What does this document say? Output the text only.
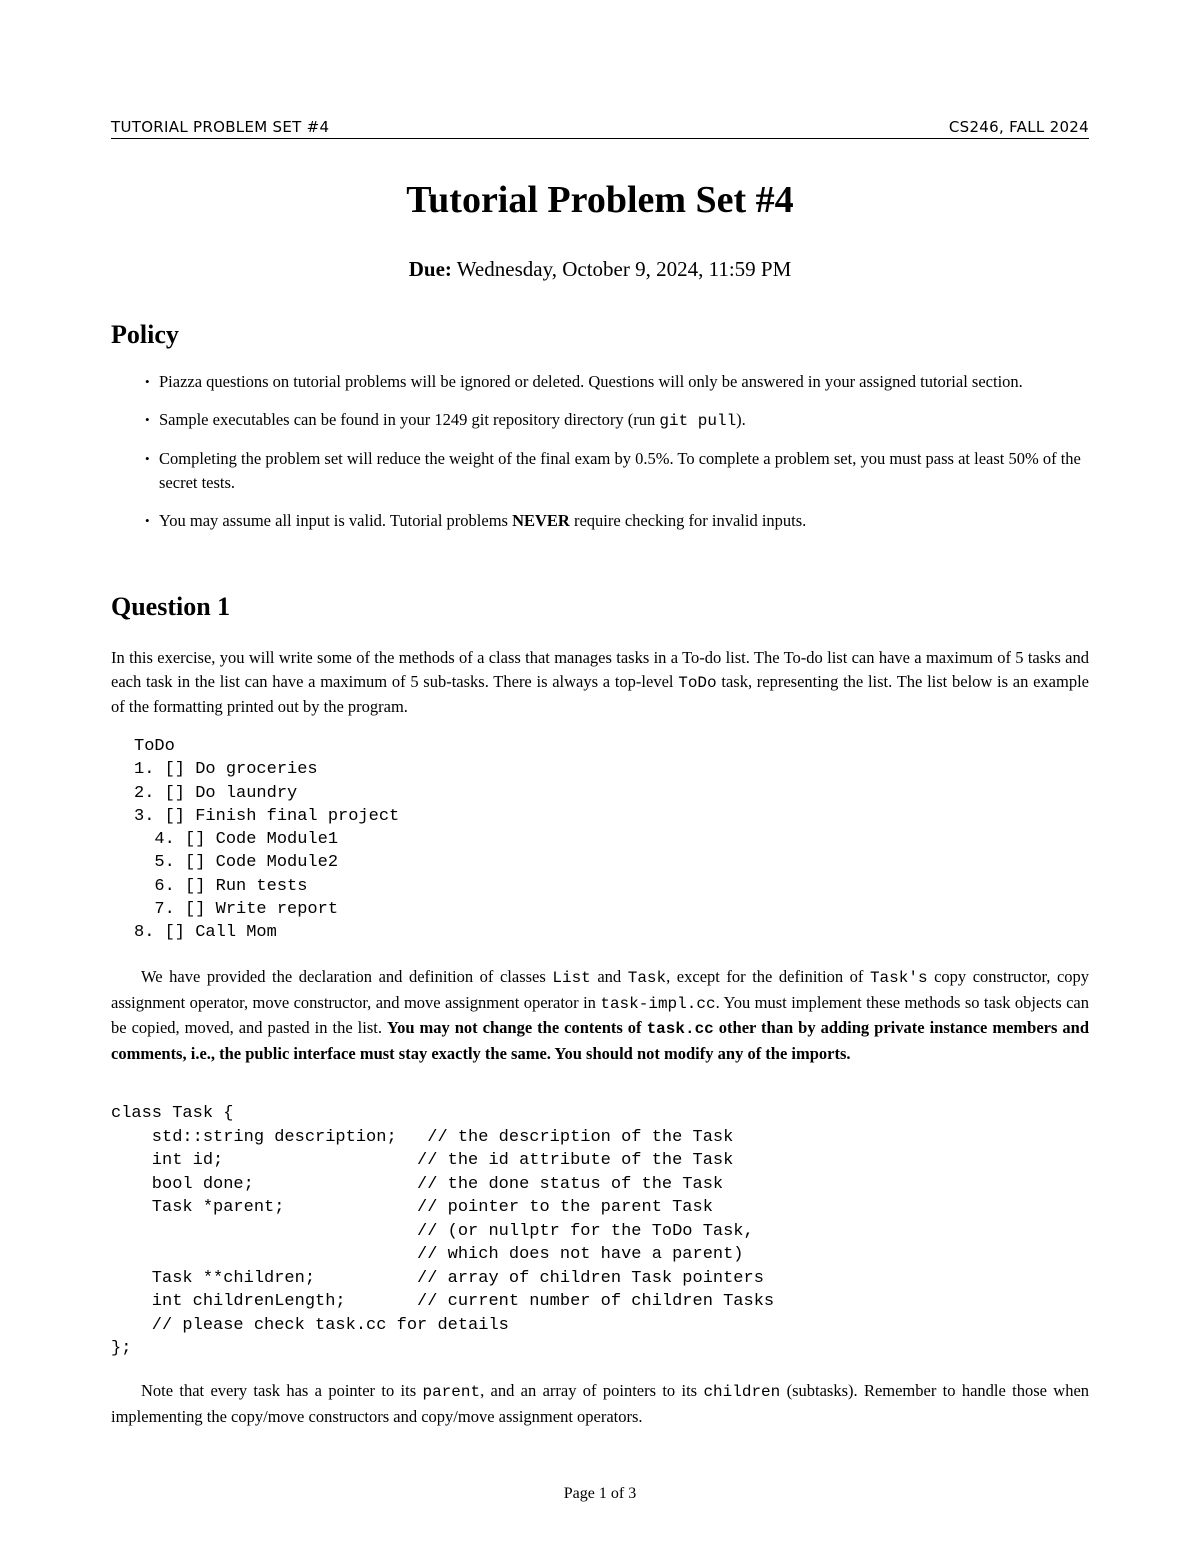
TUTORIAL PROBLEM SET #4	CS246, FALL 2024
Tutorial Problem Set #4
Due: Wednesday, October 9, 2024, 11:59 PM
Policy
• Piazza questions on tutorial problems will be ignored or deleted. Questions will only be answered in your assigned tutorial section.
• Sample executables can be found in your 1249 git repository directory (run git pull).
• Completing the problem set will reduce the weight of the final exam by 0.5%. To complete a problem set, you must pass at least 50% of the secret tests.
• You may assume all input is valid. Tutorial problems NEVER require checking for invalid inputs.
Question 1

In this exercise, you will write some of the methods of a class that manages tasks in a To-do list. The To-do list can have a maximum of 5 tasks and each task in the list can have a maximum of 5 sub-tasks. There is always a top-level ToDo task, representing the list. The list below is an example of the formatting printed out by the program.

ToDo
1. [] Do groceries
2. [] Do laundry
3. [] Finish final project
4. [] Code Module1
5. [] Code Module2
6. [] Run tests
7. [] Write report
8. [] Call Mom

We have provided the declaration and definition of classes List and Task, except for the definition of Task's copy constructor, copy assignment operator, move constructor, and move assignment operator in task-impl.cc. You must implement these methods so task objects can be copied, moved, and pasted in the list. You may not change the contents of task.cc other than by adding private instance members and comments, i.e., the public interface must stay exactly the same. You should not modify any of the imports.

class Task {
std::string description;   // the description of the Task
int id;                   // the id attribute of the Task
bool done;                // the done status of the Task
Task *parent;             // pointer to the parent Task
// (or nullptr for the ToDo Task,
// which does not have a parent)
Task **children;          // array of children Task pointers
int childrenLength;       // current number of children Tasks
// please check task.cc for details
};

Note that every task has a pointer to its parent, and an array of pointers to its children (subtasks). Remember to handle those when implementing the copy/move constructors and copy/move assignment operators.

Page 1 of 3
